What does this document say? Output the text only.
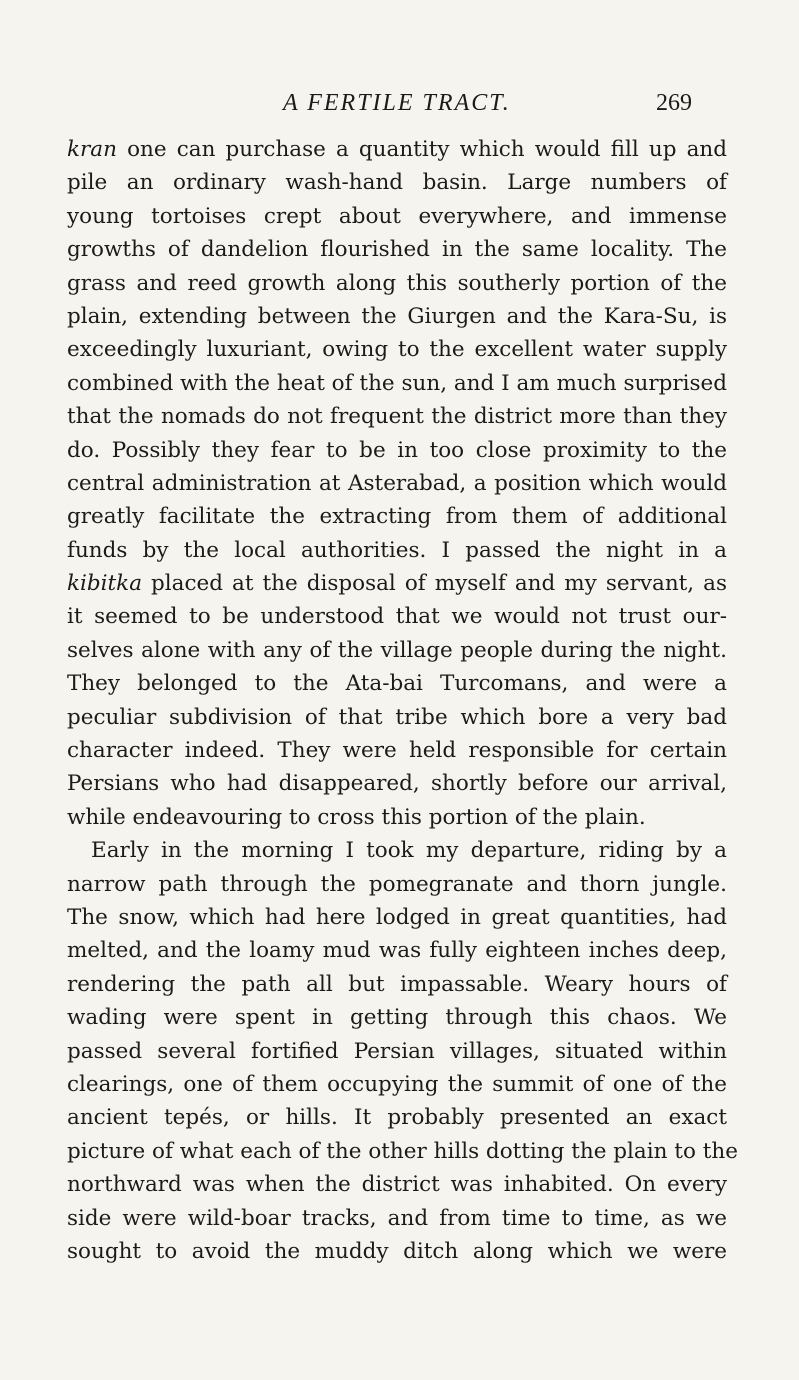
A FERTILE TRACT.	269
kran one can purchase a quantity which would fill up and
pile an ordinary wash-hand basin. Large numbers of
young tortoises crept about everywhere, and immense
growths of dandelion flourished in the same locality. The
grass and reed growth along this southerly portion of the
plain, extending between the Giurgen and the Kara-Su, is
exceedingly luxuriant, owing to the excellent water supply
combined with the heat of the sun, and I am much surprised
that the nomads do not frequent the district more than they
do. Possibly they fear to be in too close proximity to the
central administration at Asterabad, a position which would
greatly facilitate the extracting from them of additional
funds by the local authorities. I passed the night in a
kibitka placed at the disposal of myself and my servant, as
it seemed to be understood that we would not trust our-
selves alone with any of the village people during the night.
They belonged to the Ata-bai Turcomans, and were a
peculiar subdivision of that tribe which bore a very bad
character indeed. They were held responsible for certain
Persians who had disappeared, shortly before our arrival,
while endeavouring to cross this portion of the plain.
Early in the morning I took my departure, riding by a
narrow path through the pomegranate and thorn jungle.
The snow, which had here lodged in great quantities, had
melted, and the loamy mud was fully eighteen inches deep,
rendering the path all but impassable. Weary hours of
wading were spent in getting through this chaos. We
passed several fortified Persian villages, situated within
clearings, one of them occupying the summit of one of the
ancient tepés, or hills. It probably presented an exact
picture of what each of the other hills dotting the plain to the
northward was when the district was inhabited. On every
side were wild-boar tracks, and from time to time, as we
sought to avoid the muddy ditch along which we were
